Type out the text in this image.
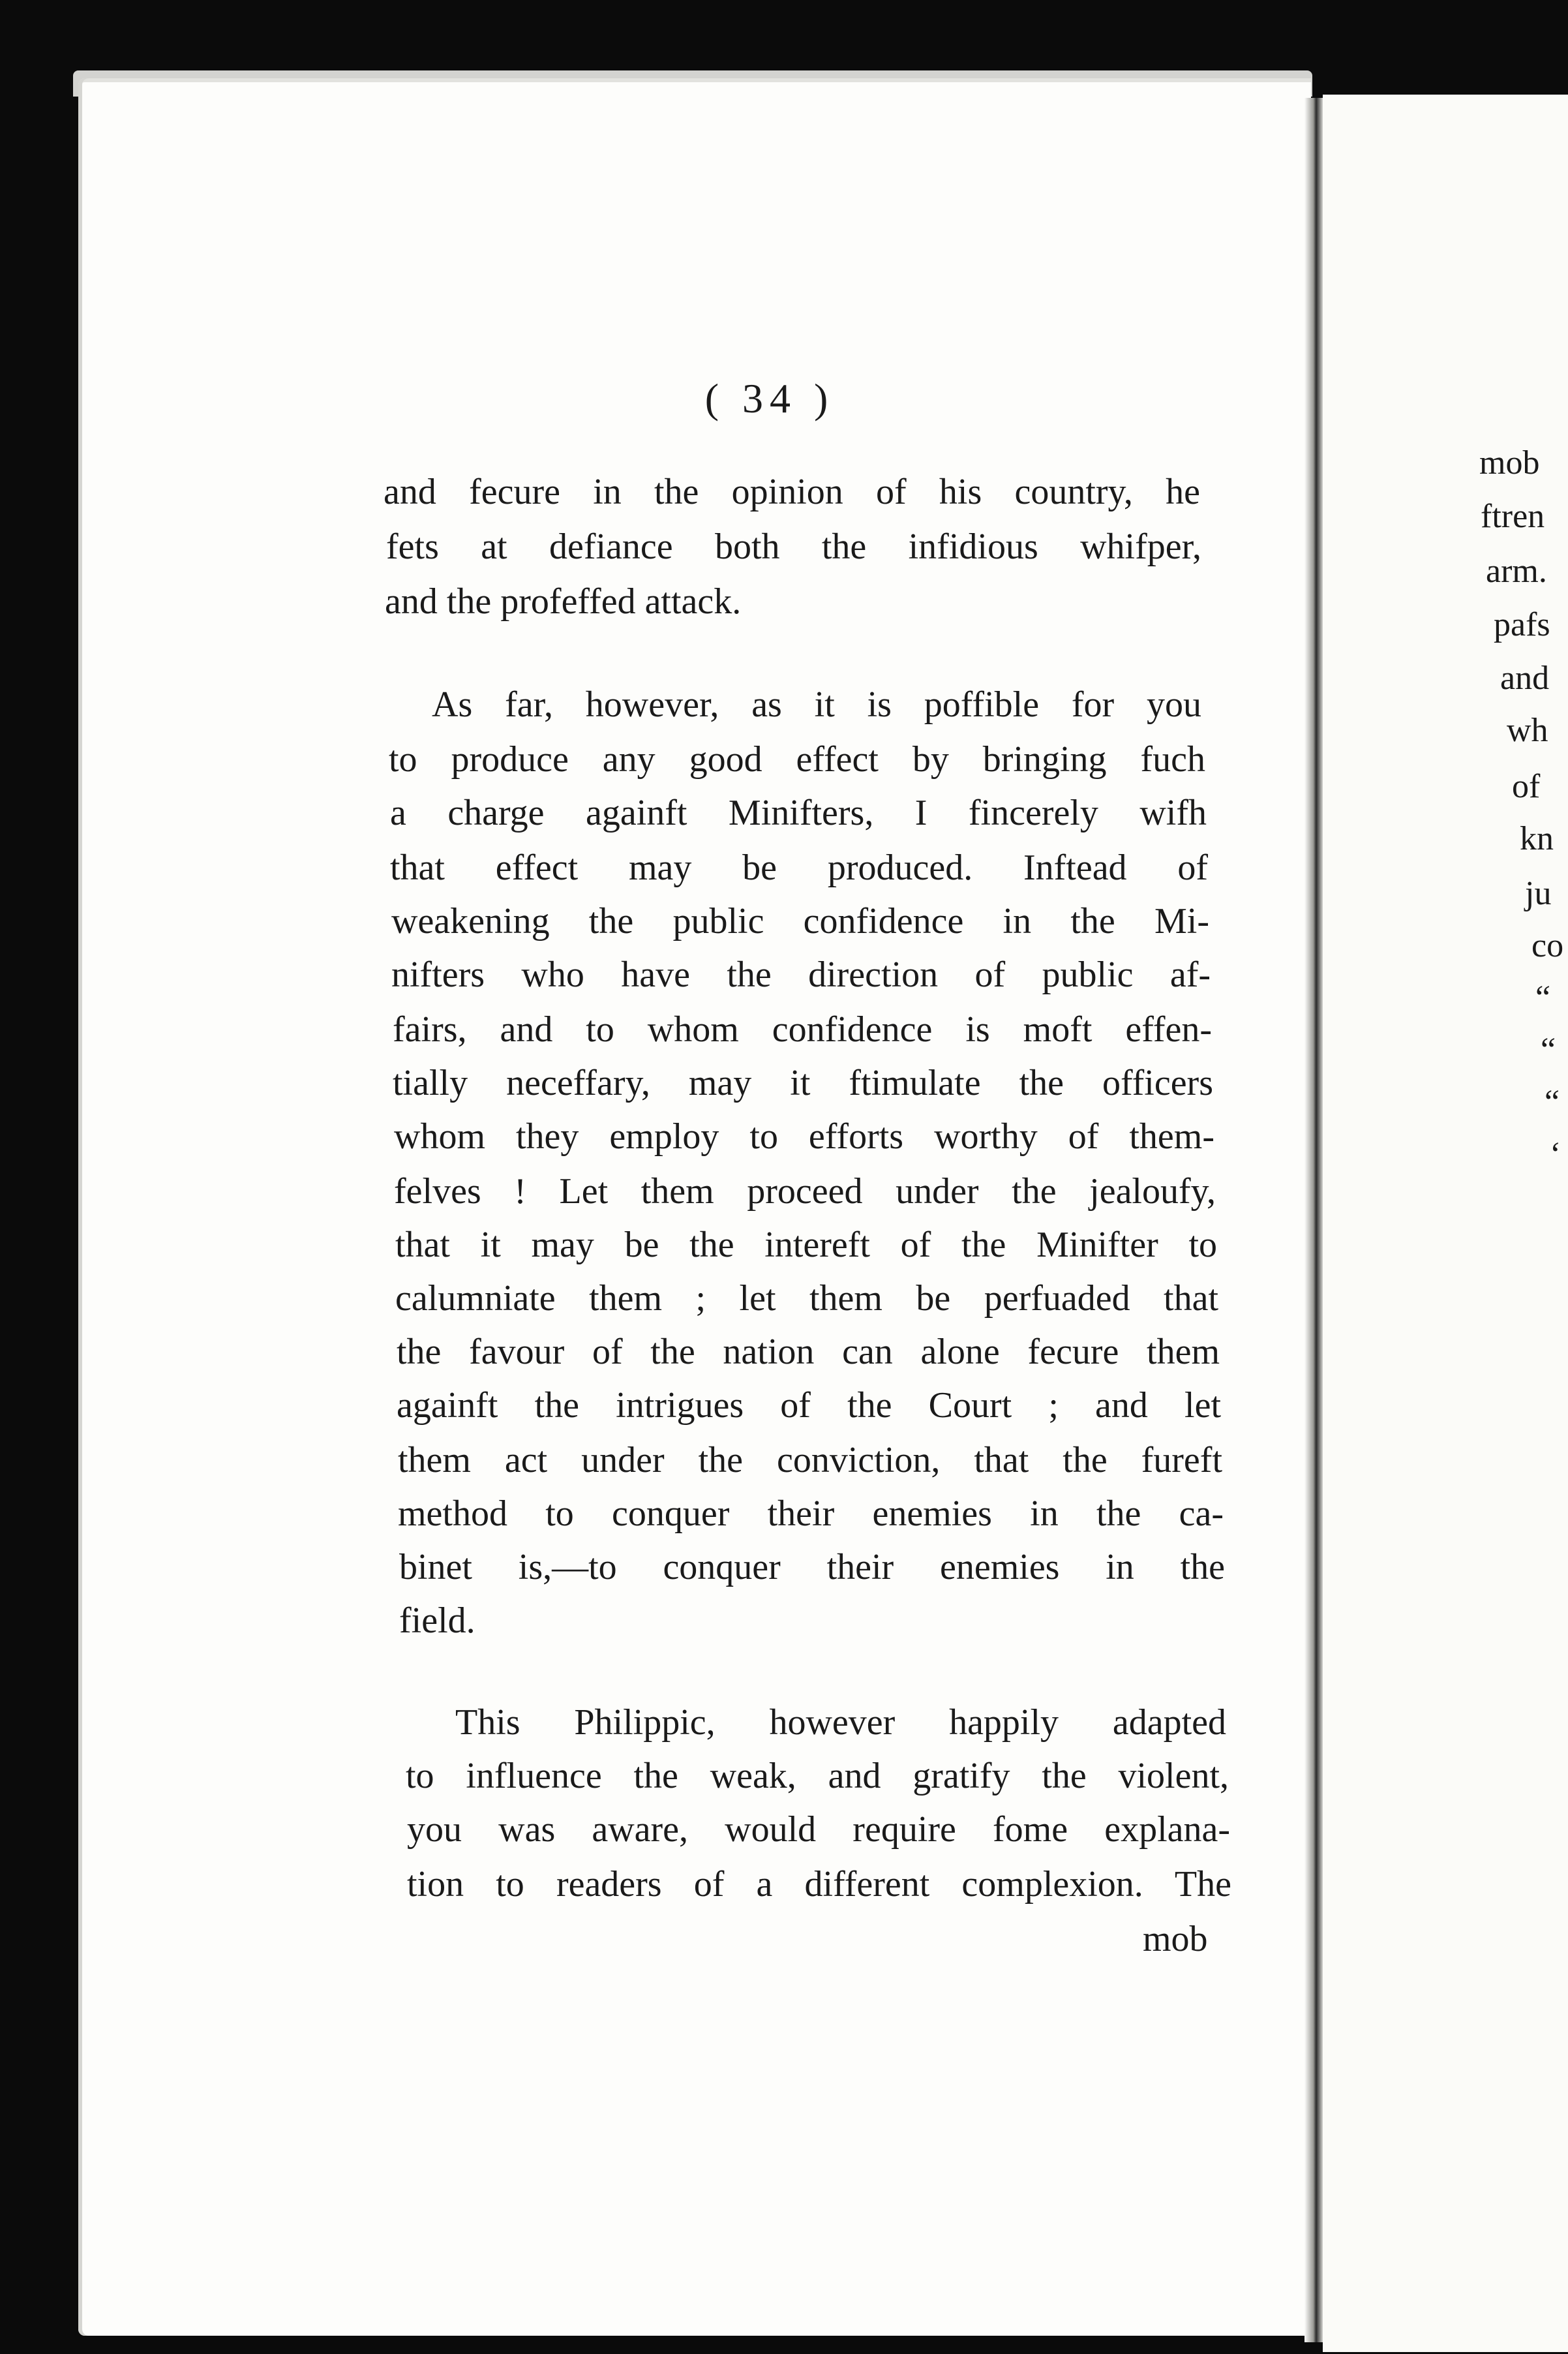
( 34 )
and fecure in the opinion of his country, he
fets at defiance both the infidious whifper,
and the profeffed attack.
As far, however, as it is poffible for you
to produce any good effect by bringing fuch
a charge againft Minifters, I fincerely wifh
that effect may be produced. Inftead of
weakening the public confidence in the Mi-
nifters who have the direction of public af-
fairs, and to whom confidence is moft effen-
tially neceffary, may it ftimulate the officers
whom they employ to efforts worthy of them-
felves ! Let them proceed under the jealoufy,
that it may be the intereft of the Minifter to
calumniate them ; let them be perfuaded that
the favour of the nation can alone fecure them
againft the intrigues of the Court ; and let
them act under the conviction, that the fureft
method to conquer their enemies in the ca-
binet is,—to conquer their enemies in the
field.
This Philippic, however happily adapted
to influence the weak, and gratify the violent,
you was aware, would require fome explana-
tion to readers of a different complexion. The
mob
mob
ftren
arm.
pafs
and
wh
of
kn
ju
co
“
“
“
‘
